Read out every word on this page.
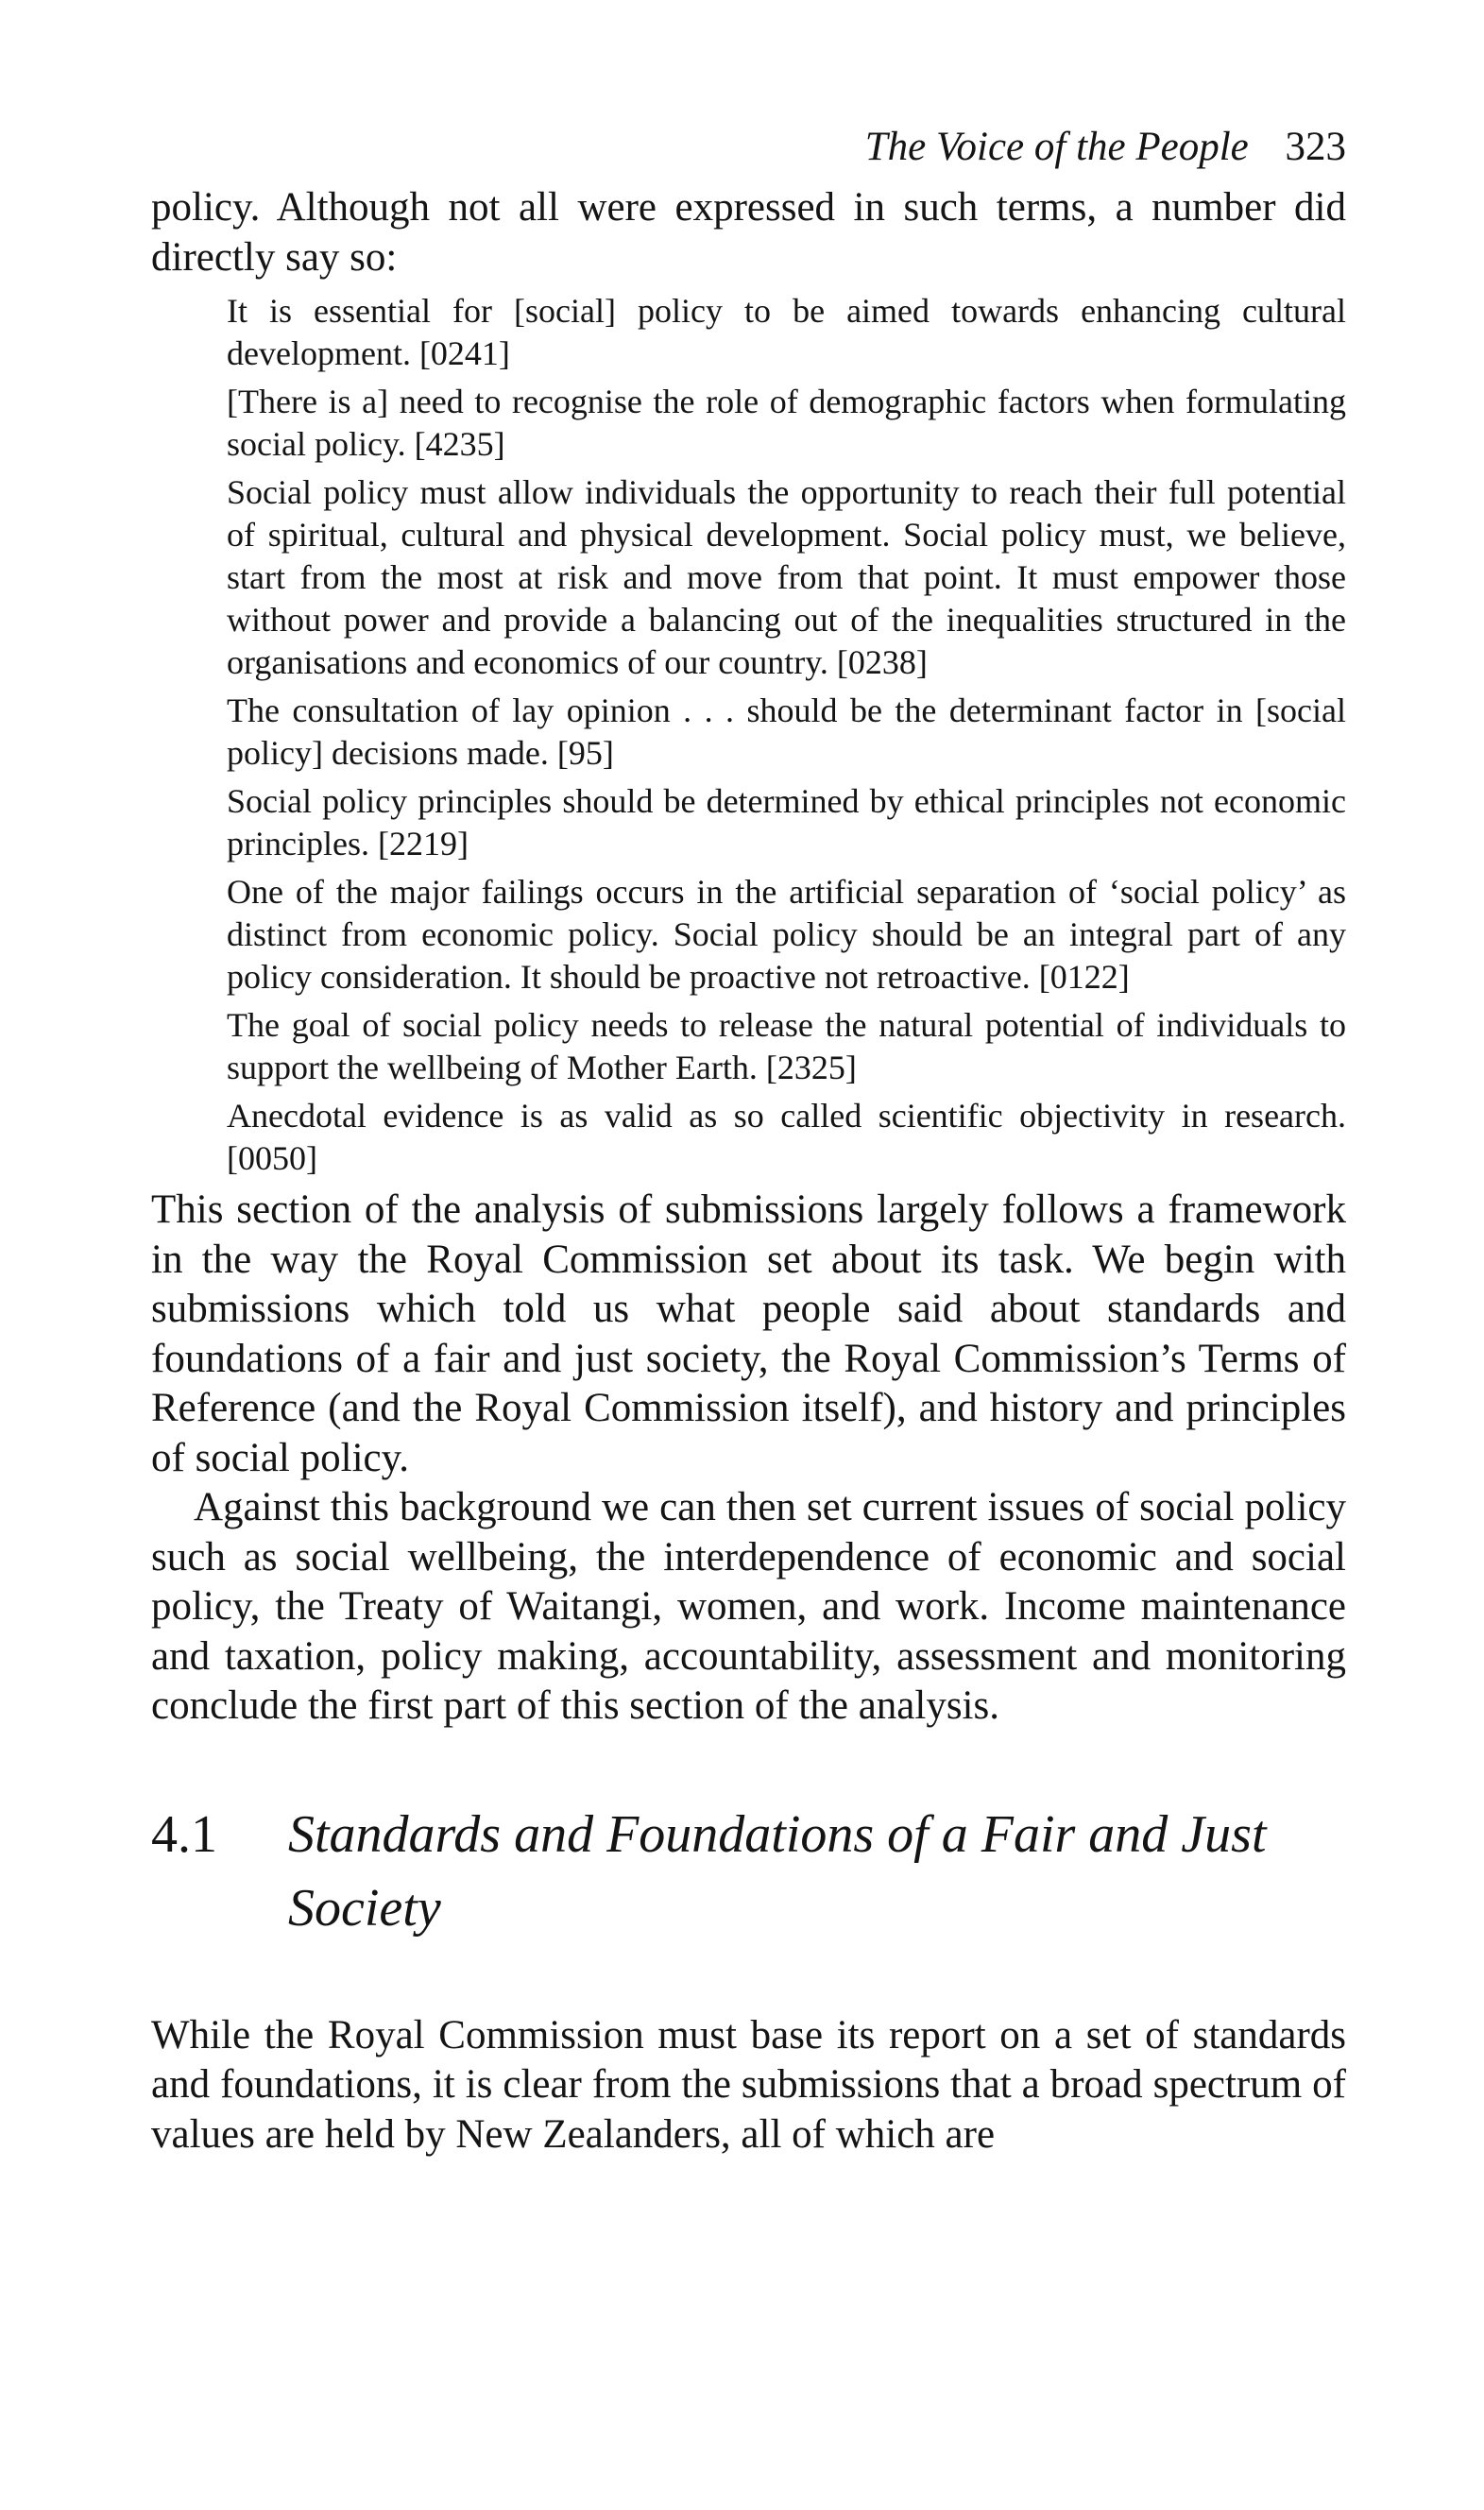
The Voice of the People 323

policy. Although not all were expressed in such terms, a number did directly say so:

It is essential for [social] policy to be aimed towards enhancing cultural development. [0241]

[There is a] need to recognise the role of demographic factors when formulating social policy. [4235]

Social policy must allow individuals the opportunity to reach their full potential of spiritual, cultural and physical development. Social policy must, we believe, start from the most at risk and move from that point. It must empower those without power and provide a balancing out of the inequalities structured in the organisations and economics of our country. [0238]

The consultation of lay opinion . . . should be the determinant factor in [social policy] decisions made. [95]

Social policy principles should be determined by ethical principles not economic principles. [2219]

One of the major failings occurs in the artificial separation of ‘social policy’ as distinct from economic policy. Social policy should be an integral part of any policy consideration. It should be proactive not retroactive. [0122]

The goal of social policy needs to release the natural potential of individuals to support the wellbeing of Mother Earth. [2325]

Anecdotal evidence is as valid as so called scientific objectivity in research. [0050]

This section of the analysis of submissions largely follows a framework in the way the Royal Commission set about its task. We begin with submissions which told us what people said about standards and foundations of a fair and just society, the Royal Commission’s Terms of Reference (and the Royal Commission itself), and history and principles of social policy.

Against this background we can then set current issues of social policy such as social wellbeing, the interdependence of economic and social policy, the Treaty of Waitangi, women, and work. Income maintenance and taxation, policy making, accountability, assessment and monitoring conclude the first part of this section of the analysis.

4.1	Standards and Foundations of a Fair and Just Society

While the Royal Commission must base its report on a set of standards and foundations, it is clear from the submissions that a broad spectrum of values are held by New Zealanders, all of which are
